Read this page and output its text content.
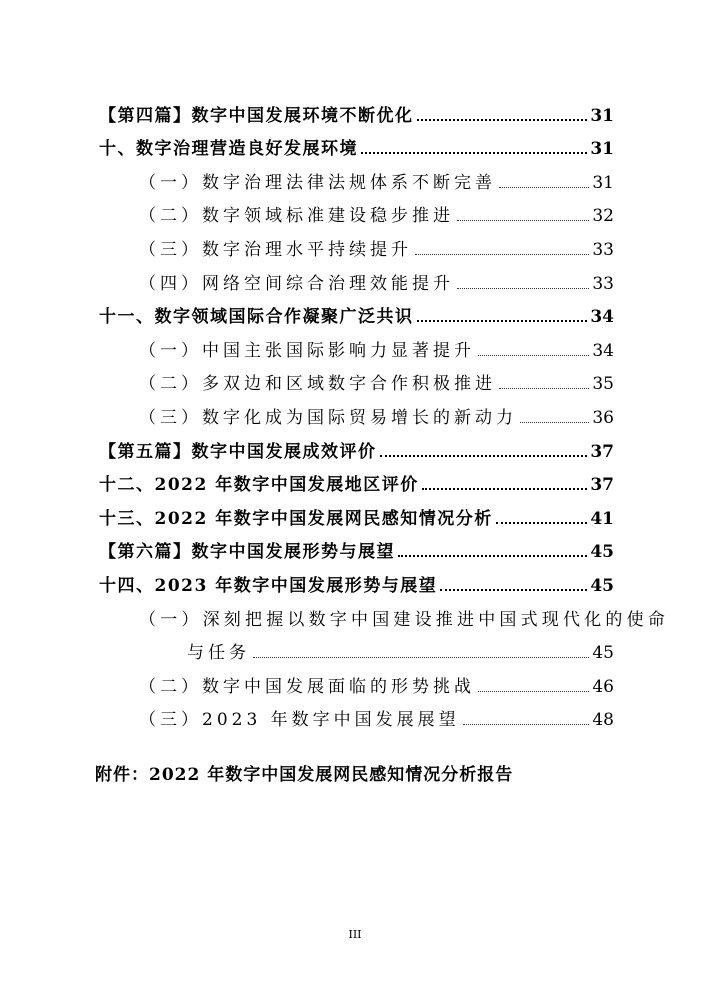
【第四篇】数字中国发展环境不断优化	31
十、数字治理营造良好发展环境	31
（一）数字治理法律法规体系不断完善	31
（二）数字领域标准建设稳步推进	32
（三）数字治理水平持续提升	33
（四）网络空间综合治理效能提升	33
十一、数字领域国际合作凝聚广泛共识	34
（一）中国主张国际影响力显著提升	34
（二）多双边和区域数字合作积极推进	35
（三）数字化成为国际贸易增长的新动力	36
【第五篇】数字中国发展成效评价	37
十二、2022 年数字中国发展地区评价	37
十三、2022 年数字中国发展网民感知情况分析	41
【第六篇】数字中国发展形势与展望	45
十四、2023 年数字中国发展形势与展望	45
（一）深刻把握以数字中国建设推进中国式现代化的使命
与任务	45
（二）数字中国发展面临的形势挑战	46
（三）2023 年数字中国发展展望	48
附件：2022 年数字中国发展网民感知情况分析报告
III
